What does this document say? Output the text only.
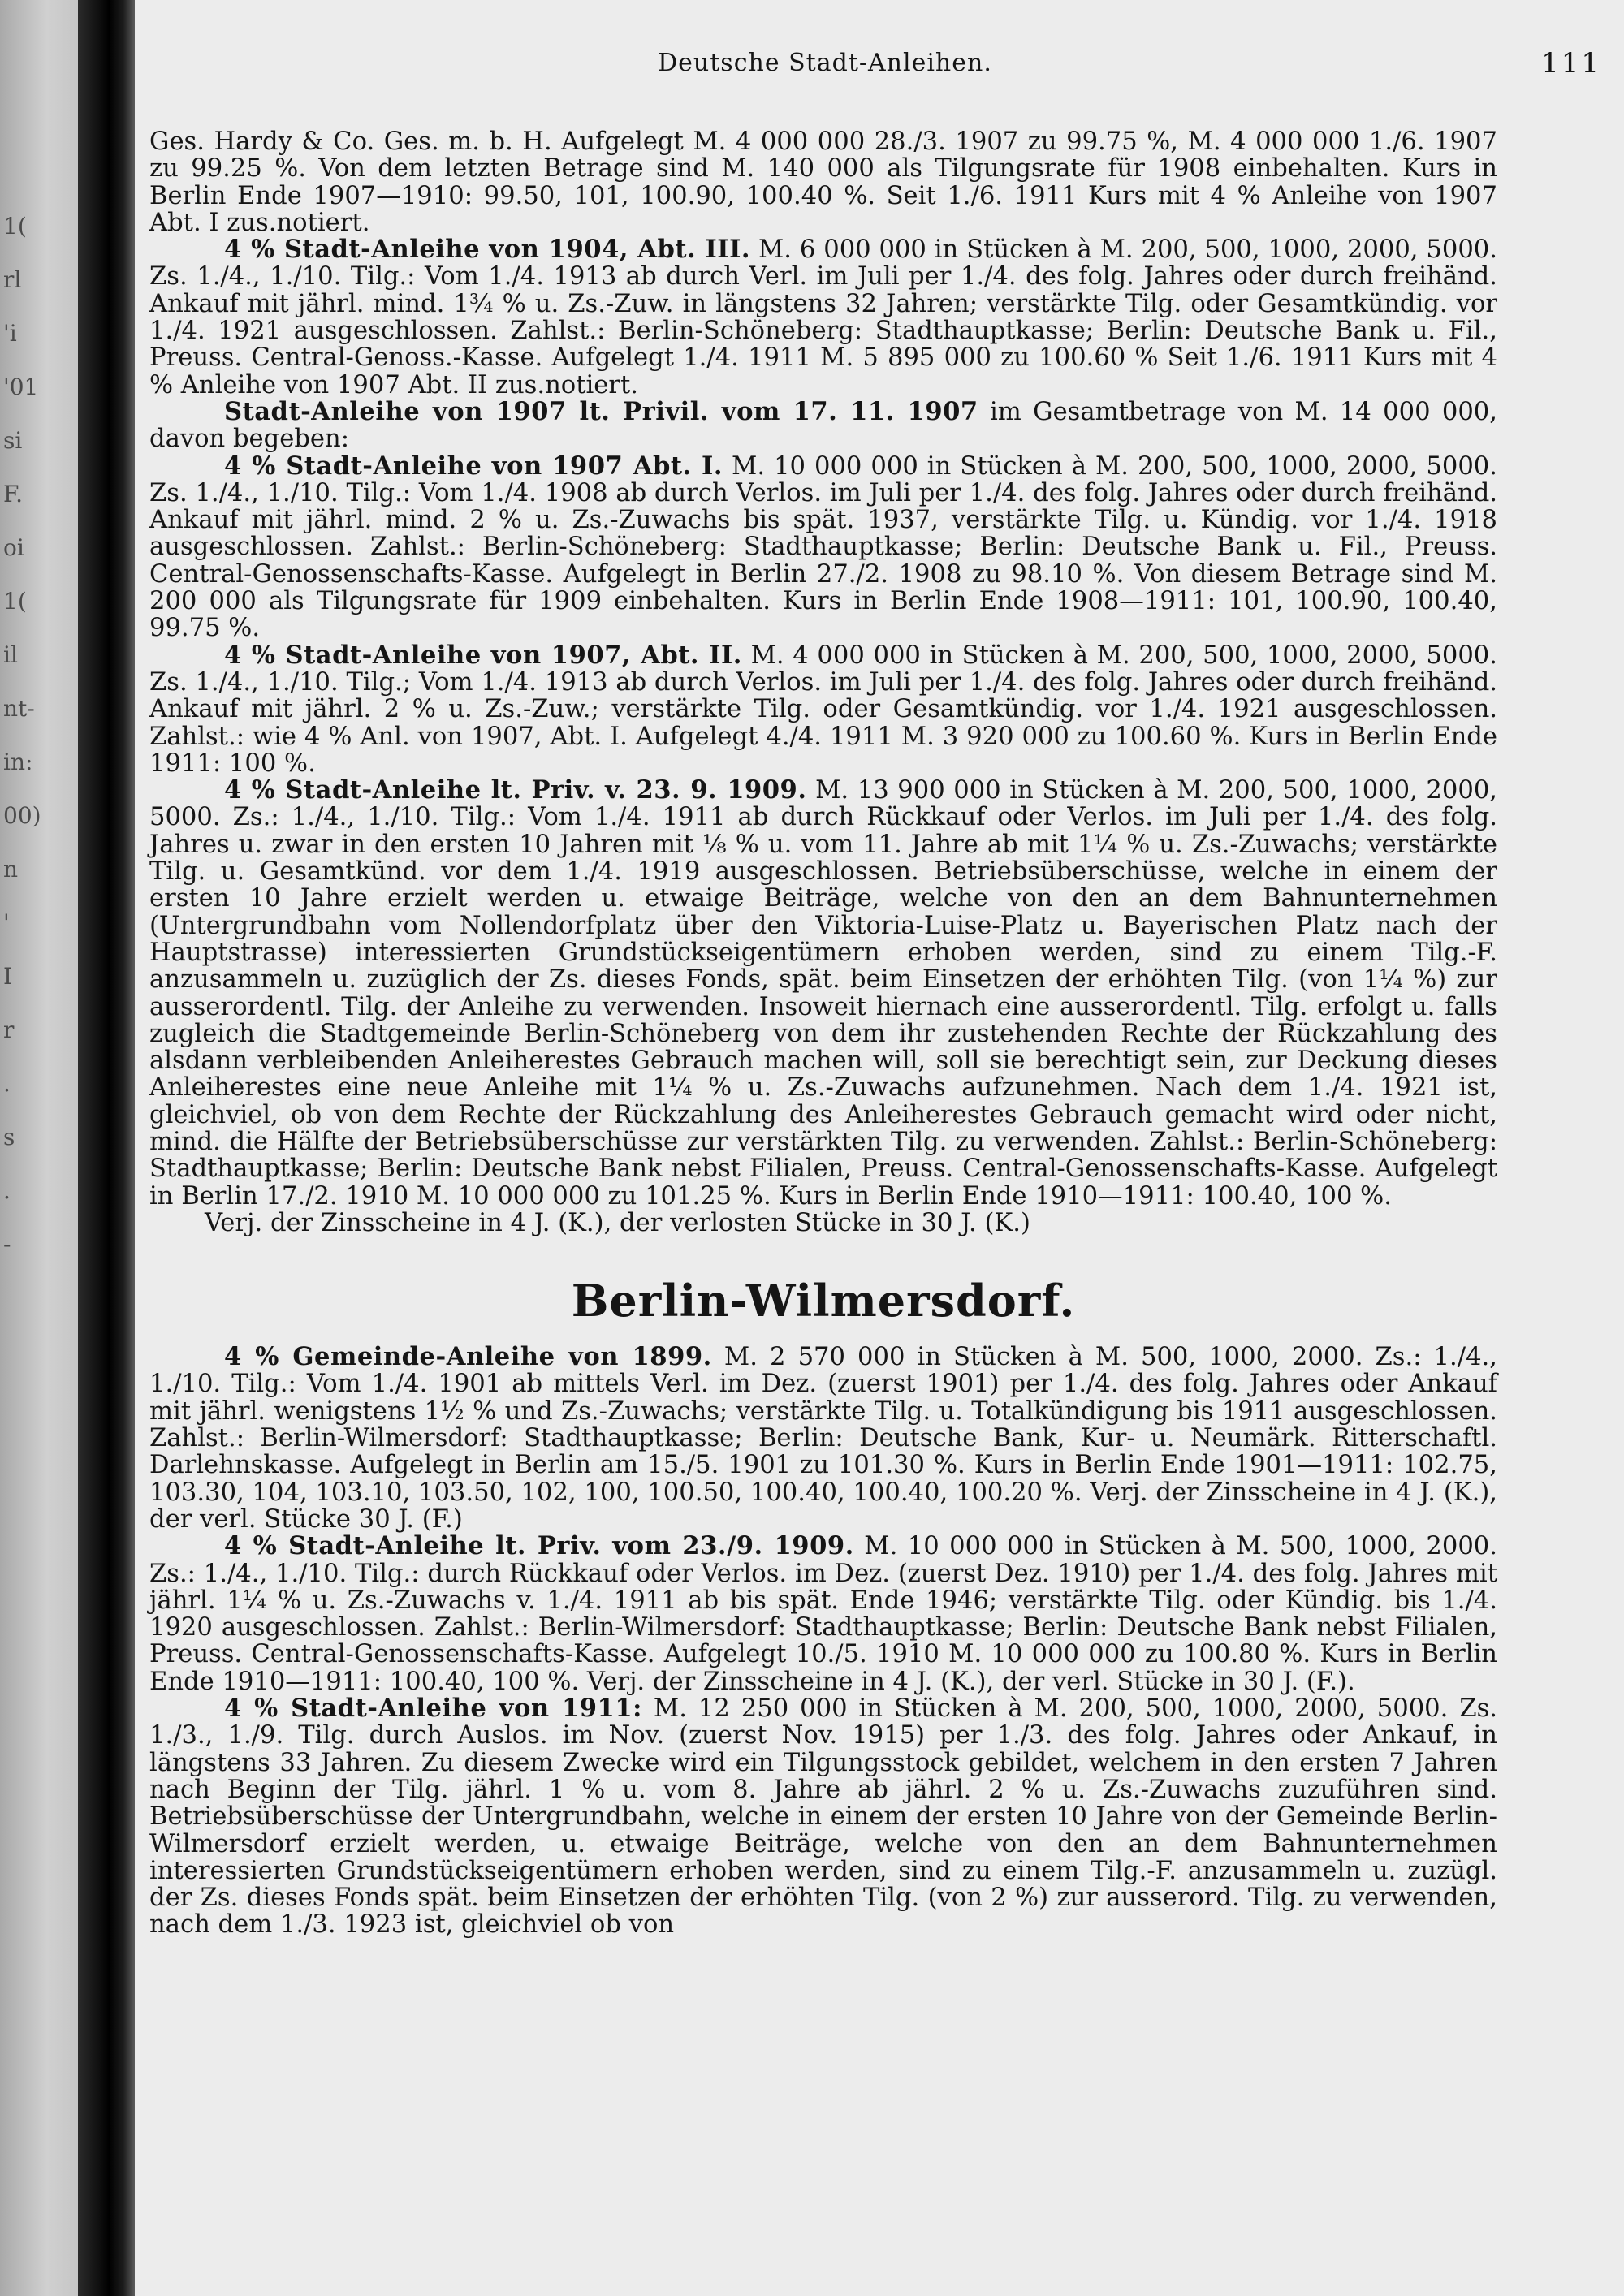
1(
rl
'i
'01
si
F.
oi
1(
il
nt-
in:
00)
n
'
I
r
.
s
.
-
Deutsche Stadt-Anleihen.	111

Ges. Hardy & Co. Ges. m. b. H. Aufgelegt M. 4 000 000 28./3. 1907 zu 99.75 %, M. 4 000 000 1./6. 1907 zu 99.25 %. Von dem letzten Betrage sind M. 140 000 als Tilgungsrate für 1908 einbehalten. Kurs in Berlin Ende 1907—1910: 99.50, 101, 100.90, 100.40 %. Seit 1./6. 1911 Kurs mit 4 % Anleihe von 1907 Abt. I zus.notiert.

4 % Stadt-Anleihe von 1904, Abt. III. M. 6 000 000 in Stücken à M. 200, 500, 1000, 2000, 5000. Zs. 1./4., 1./10. Tilg.: Vom 1./4. 1913 ab durch Verl. im Juli per 1./4. des folg. Jahres oder durch freihänd. Ankauf mit jährl. mind. 1¾ % u. Zs.-Zuw. in längstens 32 Jahren; verstärkte Tilg. oder Gesamtkündig. vor 1./4. 1921 ausgeschlossen. Zahlst.: Berlin-Schöneberg: Stadthauptkasse; Berlin: Deutsche Bank u. Fil., Preuss. Central-Genoss.-Kasse. Aufgelegt 1./4. 1911 M. 5 895 000 zu 100.60 % Seit 1./6. 1911 Kurs mit 4 % Anleihe von 1907 Abt. II zus.notiert.

Stadt-Anleihe von 1907 lt. Privil. vom 17. 11. 1907 im Gesamtbetrage von M. 14 000 000, davon begeben:

4 % Stadt-Anleihe von 1907 Abt. I. M. 10 000 000 in Stücken à M. 200, 500, 1000, 2000, 5000. Zs. 1./4., 1./10. Tilg.: Vom 1./4. 1908 ab durch Verlos. im Juli per 1./4. des folg. Jahres oder durch freihänd. Ankauf mit jährl. mind. 2 % u. Zs.-Zuwachs bis spät. 1937, verstärkte Tilg. u. Kündig. vor 1./4. 1918 ausgeschlossen. Zahlst.: Berlin-Schöneberg: Stadthauptkasse; Berlin: Deutsche Bank u. Fil., Preuss. Central-Genossenschafts-Kasse. Aufgelegt in Berlin 27./2. 1908 zu 98.10 %. Von diesem Betrage sind M. 200 000 als Tilgungsrate für 1909 einbehalten. Kurs in Berlin Ende 1908—1911: 101, 100.90, 100.40, 99.75 %.

4 % Stadt-Anleihe von 1907, Abt. II. M. 4 000 000 in Stücken à M. 200, 500, 1000, 2000, 5000. Zs. 1./4., 1./10. Tilg.; Vom 1./4. 1913 ab durch Verlos. im Juli per 1./4. des folg. Jahres oder durch freihänd. Ankauf mit jährl. 2 % u. Zs.-Zuw.; verstärkte Tilg. oder Gesamtkündig. vor 1./4. 1921 ausgeschlossen. Zahlst.: wie 4 % Anl. von 1907, Abt. I. Aufgelegt 4./4. 1911 M. 3 920 000 zu 100.60 %. Kurs in Berlin Ende 1911: 100 %.

4 % Stadt-Anleihe lt. Priv. v. 23. 9. 1909. M. 13 900 000 in Stücken à M. 200, 500, 1000, 2000, 5000. Zs.: 1./4., 1./10. Tilg.: Vom 1./4. 1911 ab durch Rückkauf oder Verlos. im Juli per 1./4. des folg. Jahres u. zwar in den ersten 10 Jahren mit ⅛ % u. vom 11. Jahre ab mit 1¼ % u. Zs.-Zuwachs; verstärkte Tilg. u. Gesamtkünd. vor dem 1./4. 1919 ausgeschlossen. Betriebsüberschüsse, welche in einem der ersten 10 Jahre erzielt werden u. etwaige Beiträge, welche von den an dem Bahnunternehmen (Untergrundbahn vom Nollendorfplatz über den Viktoria-Luise-Platz u. Bayerischen Platz nach der Hauptstrasse) interessierten Grundstückseigentümern erhoben werden, sind zu einem Tilg.-F. anzusammeln u. zuzüglich der Zs. dieses Fonds, spät. beim Einsetzen der erhöhten Tilg. (von 1¼ %) zur ausserordentl. Tilg. der Anleihe zu verwenden. Insoweit hiernach eine ausserordentl. Tilg. erfolgt u. falls zugleich die Stadtgemeinde Berlin-Schöneberg von dem ihr zustehenden Rechte der Rückzahlung des alsdann verbleibenden Anleiherestes Gebrauch machen will, soll sie berechtigt sein, zur Deckung dieses Anleiherestes eine neue Anleihe mit 1¼ % u. Zs.-Zuwachs aufzunehmen. Nach dem 1./4. 1921 ist, gleichviel, ob von dem Rechte der Rückzahlung des Anleiherestes Gebrauch gemacht wird oder nicht, mind. die Hälfte der Betriebsüberschüsse zur verstärkten Tilg. zu verwenden. Zahlst.: Berlin-Schöneberg: Stadthauptkasse; Berlin: Deutsche Bank nebst Filialen, Preuss. Central-Genossenschafts-Kasse. Aufgelegt in Berlin 17./2. 1910 M. 10 000 000 zu 101.25 %. Kurs in Berlin Ende 1910—1911: 100.40, 100 %.

Verj. der Zinsscheine in 4 J. (K.), der verlosten Stücke in 30 J. (K.)

Berlin-Wilmersdorf.

4 % Gemeinde-Anleihe von 1899. M. 2 570 000 in Stücken à M. 500, 1000, 2000. Zs.: 1./4., 1./10. Tilg.: Vom 1./4. 1901 ab mittels Verl. im Dez. (zuerst 1901) per 1./4. des folg. Jahres oder Ankauf mit jährl. wenigstens 1½ % und Zs.-Zuwachs; verstärkte Tilg. u. Totalkündigung bis 1911 ausgeschlossen. Zahlst.: Berlin-Wilmersdorf: Stadthauptkasse; Berlin: Deutsche Bank, Kur- u. Neumärk. Ritterschaftl. Darlehnskasse. Aufgelegt in Berlin am 15./5. 1901 zu 101.30 %. Kurs in Berlin Ende 1901—1911: 102.75, 103.30, 104, 103.10, 103.50, 102, 100, 100.50, 100.40, 100.40, 100.20 %. Verj. der Zinsscheine in 4 J. (K.), der verl. Stücke 30 J. (F.)

4 % Stadt-Anleihe lt. Priv. vom 23./9. 1909. M. 10 000 000 in Stücken à M. 500, 1000, 2000. Zs.: 1./4., 1./10. Tilg.: durch Rückkauf oder Verlos. im Dez. (zuerst Dez. 1910) per 1./4. des folg. Jahres mit jährl. 1¼ % u. Zs.-Zuwachs v. 1./4. 1911 ab bis spät. Ende 1946; verstärkte Tilg. oder Kündig. bis 1./4. 1920 ausgeschlossen. Zahlst.: Berlin-Wilmersdorf: Stadthauptkasse; Berlin: Deutsche Bank nebst Filialen, Preuss. Central-Genossenschafts-Kasse. Aufgelegt 10./5. 1910 M. 10 000 000 zu 100.80 %. Kurs in Berlin Ende 1910—1911: 100.40, 100 %. Verj. der Zinsscheine in 4 J. (K.), der verl. Stücke in 30 J. (F.).

4 % Stadt-Anleihe von 1911: M. 12 250 000 in Stücken à M. 200, 500, 1000, 2000, 5000. Zs. 1./3., 1./9. Tilg. durch Auslos. im Nov. (zuerst Nov. 1915) per 1./3. des folg. Jahres oder Ankauf, in längstens 33 Jahren. Zu diesem Zwecke wird ein Tilgungsstock gebildet, welchem in den ersten 7 Jahren nach Beginn der Tilg. jährl. 1 % u. vom 8. Jahre ab jährl. 2 % u. Zs.-Zuwachs zuzuführen sind. Betriebsüberschüsse der Untergrundbahn, welche in einem der ersten 10 Jahre von der Gemeinde Berlin-Wilmersdorf erzielt werden, u. etwaige Beiträge, welche von den an dem Bahnunternehmen interessierten Grundstückseigentümern erhoben werden, sind zu einem Tilg.-F. anzusammeln u. zuzügl. der Zs. dieses Fonds spät. beim Einsetzen der erhöhten Tilg. (von 2 %) zur ausserord. Tilg. zu verwenden, nach dem 1./3. 1923 ist, gleichviel ob von
